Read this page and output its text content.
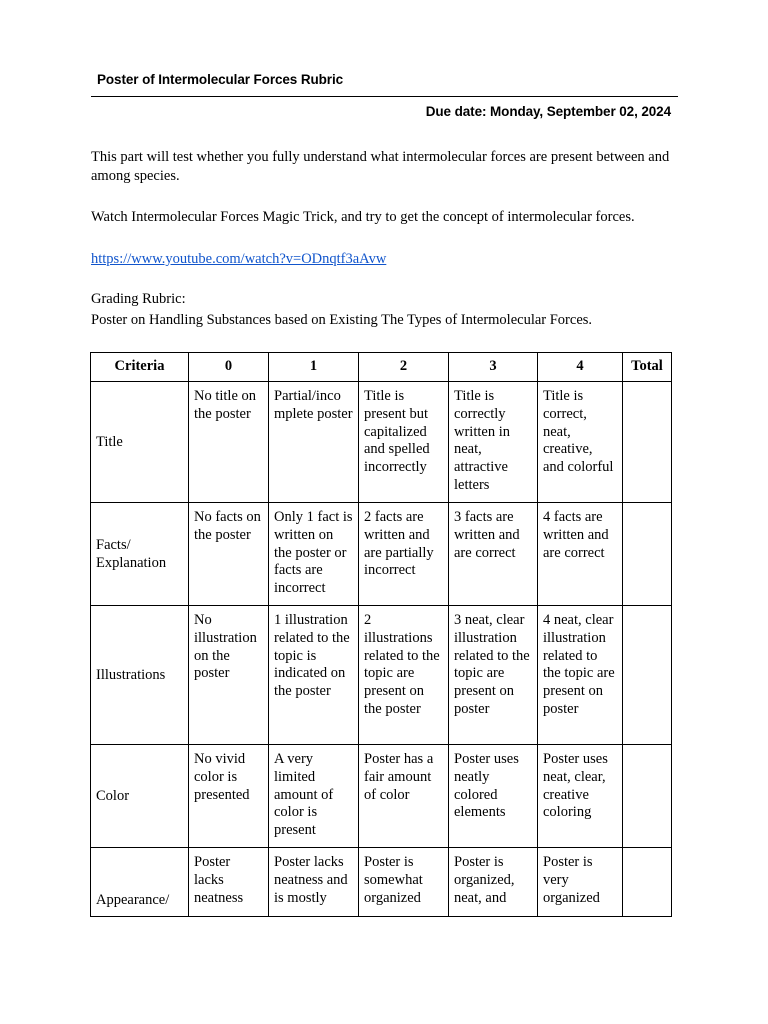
Poster of Intermolecular Forces Rubric
Due date: Monday, September 02, 2024

This part will test whether you fully understand what intermolecular forces are present between and among species.

Watch Intermolecular Forces Magic Trick, and try to get the concept of intermolecular forces.

https://www.youtube.com/watch?v=ODnqtf3aAvw

Grading Rubric:

Poster on Handling Substances based on Existing The Types of Intermolecular Forces.

Criteria	0	1	2	3	4	Total
Title	No title on the poster	Partial/inco mplete poster	Title is present but capitalized and spelled incorrectly	Title is correctly written in neat, attractive letters	Title is correct, neat, creative, and colorful	
Facts/ Explanation	No facts on the poster	Only 1 fact is written on the poster or facts are incorrect	2 facts are written and are partially incorrect	3 facts are written and are correct	4 facts are written and are correct	
Illustrations	No illustration on the poster	1 illustration related to the topic is indicated on the poster	2 illustrations related to the topic are present on the poster	3 neat, clear illustration related to the topic are present on poster	4 neat, clear illustration related to the topic are present on poster	
Color	No vivid color is presented	A very limited amount of color is present	Poster has a fair amount of color	Poster uses neatly colored elements	Poster uses neat, clear, creative coloring	
Appearance/	Poster lacks neatness	Poster lacks neatness and is mostly	Poster is somewhat organized	Poster is organized, neat, and	Poster is very organized	
